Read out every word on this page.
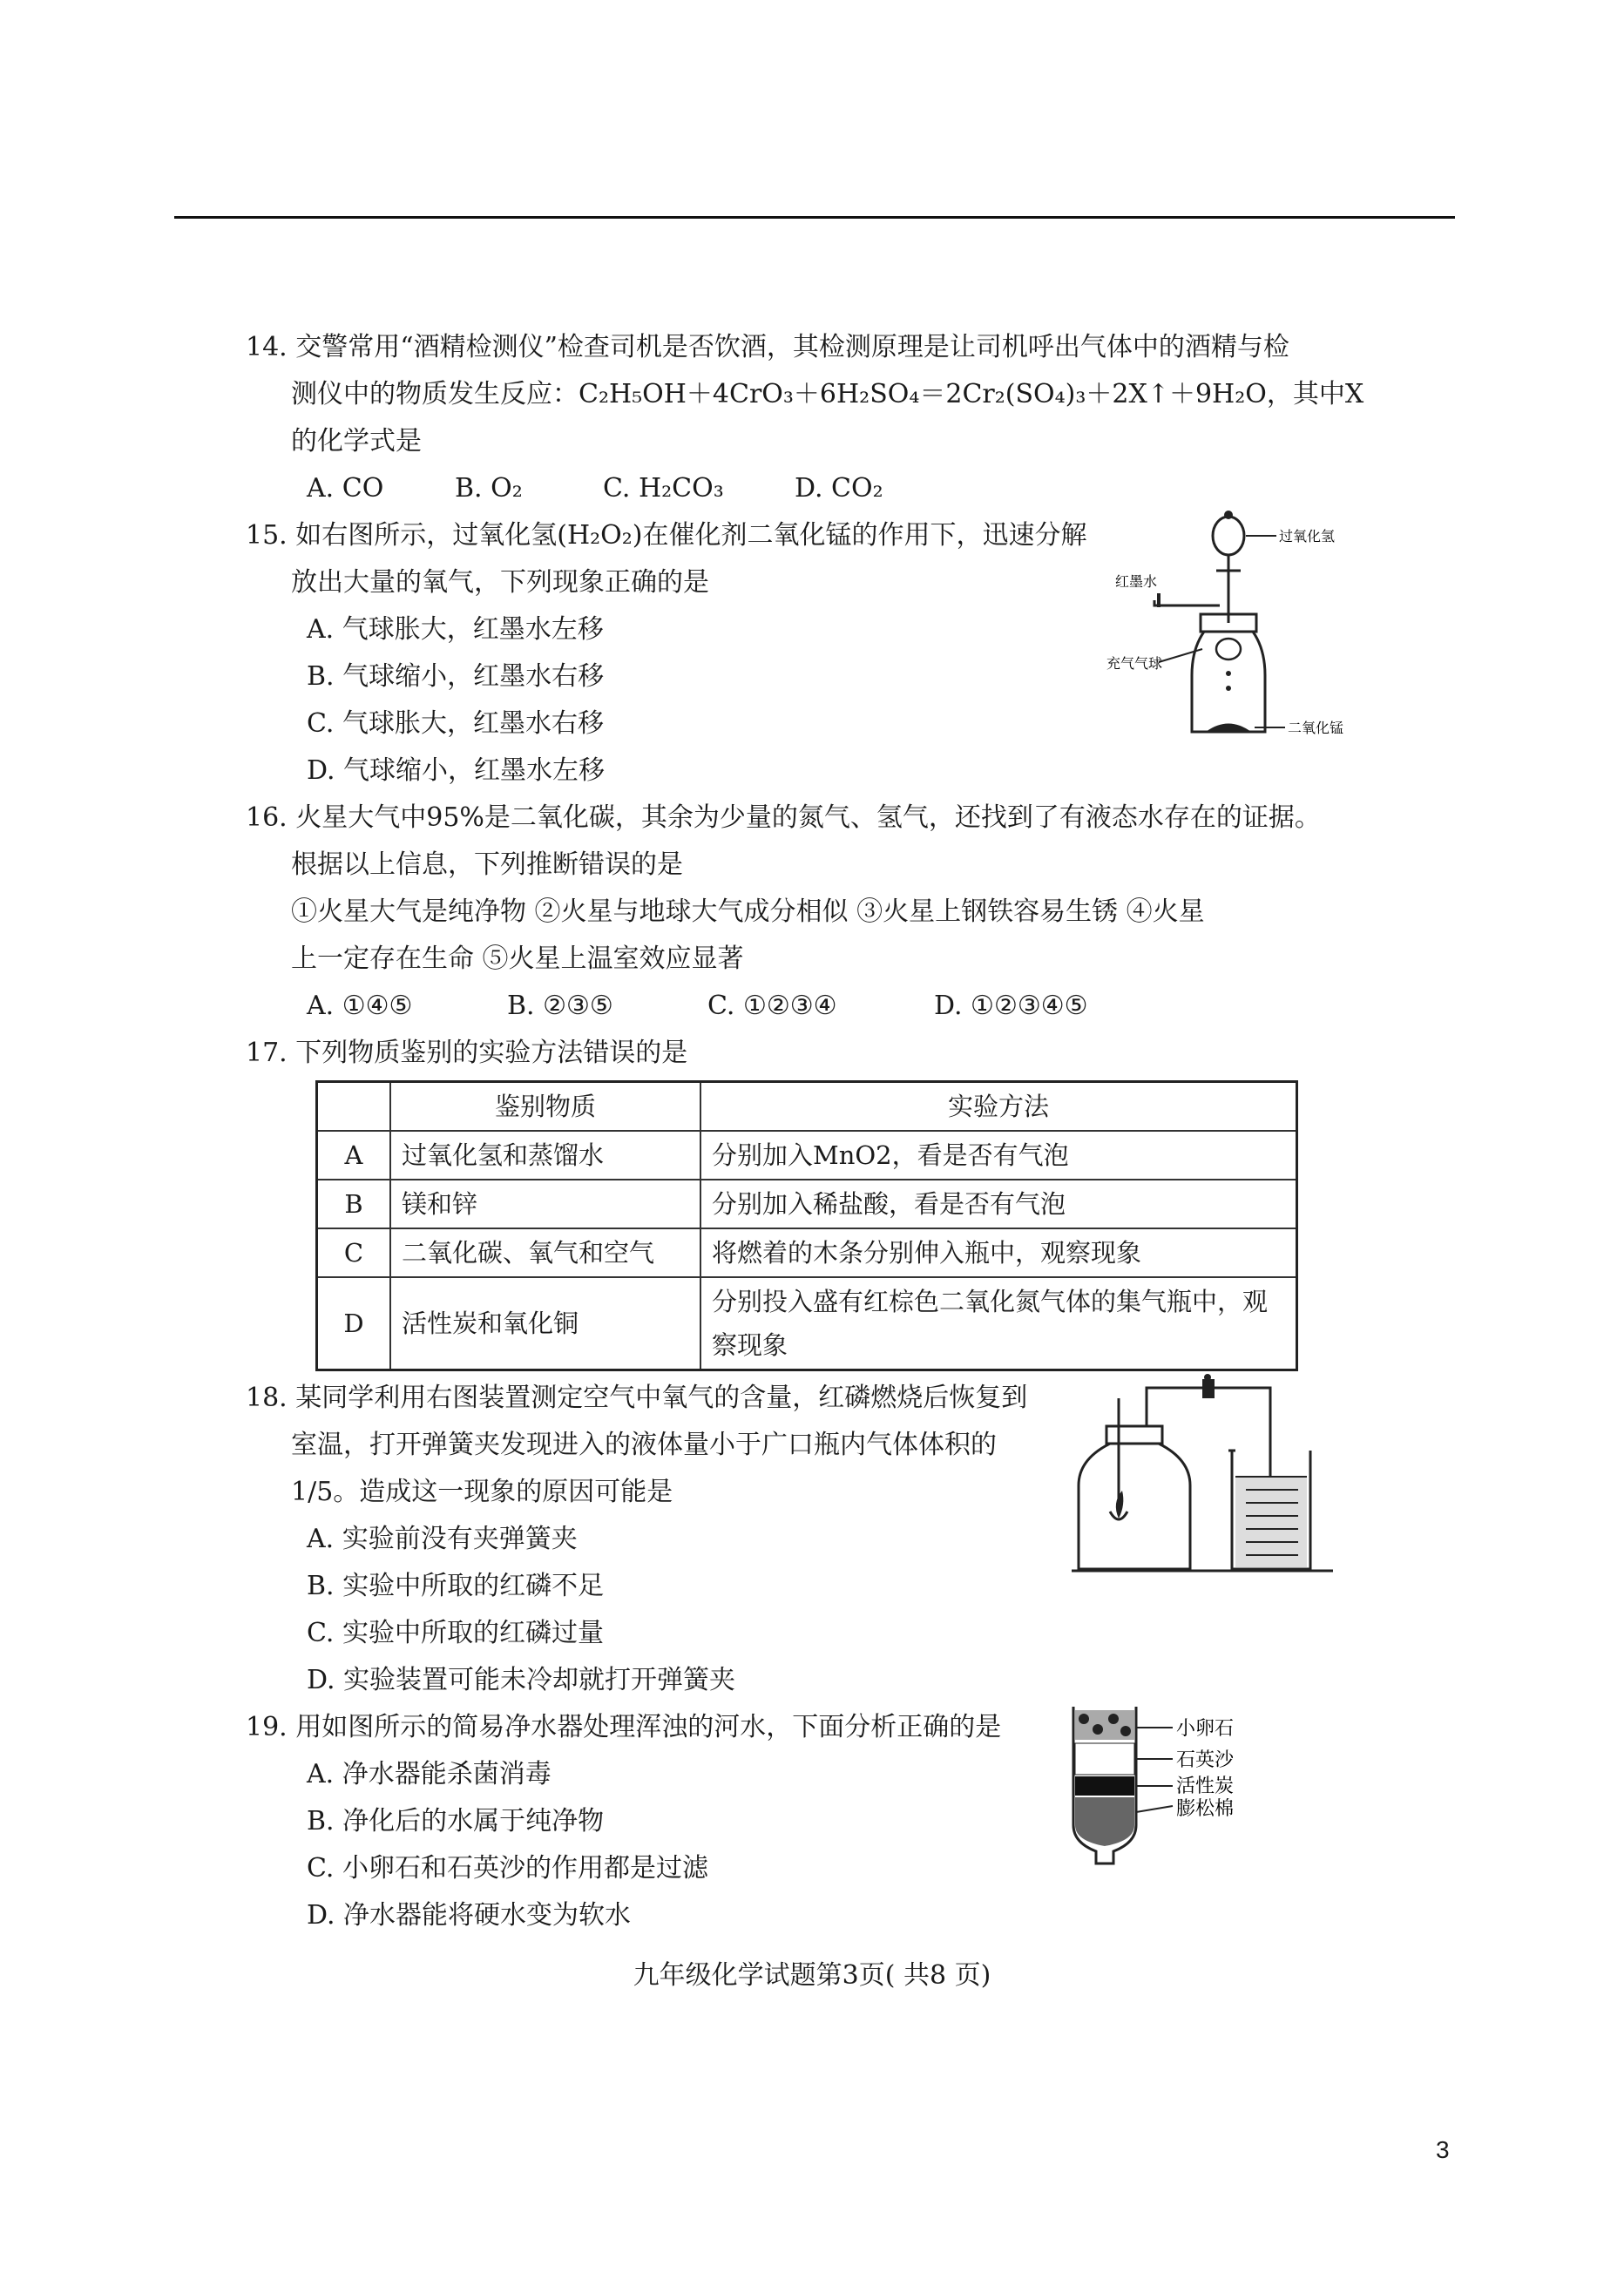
14. 交警常用“酒精检测仪”检查司机是否饮酒，其检测原理是让司机呼出气体中的酒精与检
测仪中的物质发生反应：C₂H₅OH＋4CrO₃＋6H₂SO₄＝2Cr₂(SO₄)₃＋2X↑＋9H₂O，其中X
的化学式是
A. CO	B. O₂	C. H₂CO₃	D. CO₂
15. 如右图所示，过氧化氢(H₂O₂)在催化剂二氧化锰的作用下，迅速分解
放出大量的氧气，下列现象正确的是
A. 气球胀大，红墨水左移
B. 气球缩小，红墨水右移
C. 气球胀大，红墨水右移
D. 气球缩小，红墨水左移
16. 火星大气中95%是二氧化碳，其余为少量的氮气、氢气，还找到了有液态水存在的证据。
根据以上信息，下列推断错误的是
①火星大气是纯净物 ②火星与地球大气成分相似 ③火星上钢铁容易生锈 ④火星
上一定存在生命 ⑤火星上温室效应显著
A. ①④⑤	B. ②③⑤	C. ①②③④	D. ①②③④⑤
17. 下列物质鉴别的实验方法错误的是
	鉴别物质	实验方法
A	过氧化氢和蒸馏水	分别加入MnO2，看是否有气泡
B	镁和锌	分别加入稀盐酸，看是否有气泡
C	二氧化碳、氧气和空气	将燃着的木条分别伸入瓶中，观察现象
D	活性炭和氧化铜	分别投入盛有红棕色二氧化氮气体的集气瓶中，观察现象
18. 某同学利用右图装置测定空气中氧气的含量，红磷燃烧后恢复到
室温，打开弹簧夹发现进入的液体量小于广口瓶内气体体积的
1/5。造成这一现象的原因可能是
A. 实验前没有夹弹簧夹
B. 实验中所取的红磷不足
C. 实验中所取的红磷过量
D. 实验装置可能未冷却就打开弹簧夹
19. 用如图所示的简易净水器处理浑浊的河水，下面分析正确的是
A. 净水器能杀菌消毒
B. 净化后的水属于纯净物
C. 小卵石和石英沙的作用都是过滤
D. 净水器能将硬水变为软水
红墨水
过氧化氢
充气气球
二氧化锰
小卵石
石英沙
活性炭
膨松棉
九年级化学试题第3页( 共8 页)
3
